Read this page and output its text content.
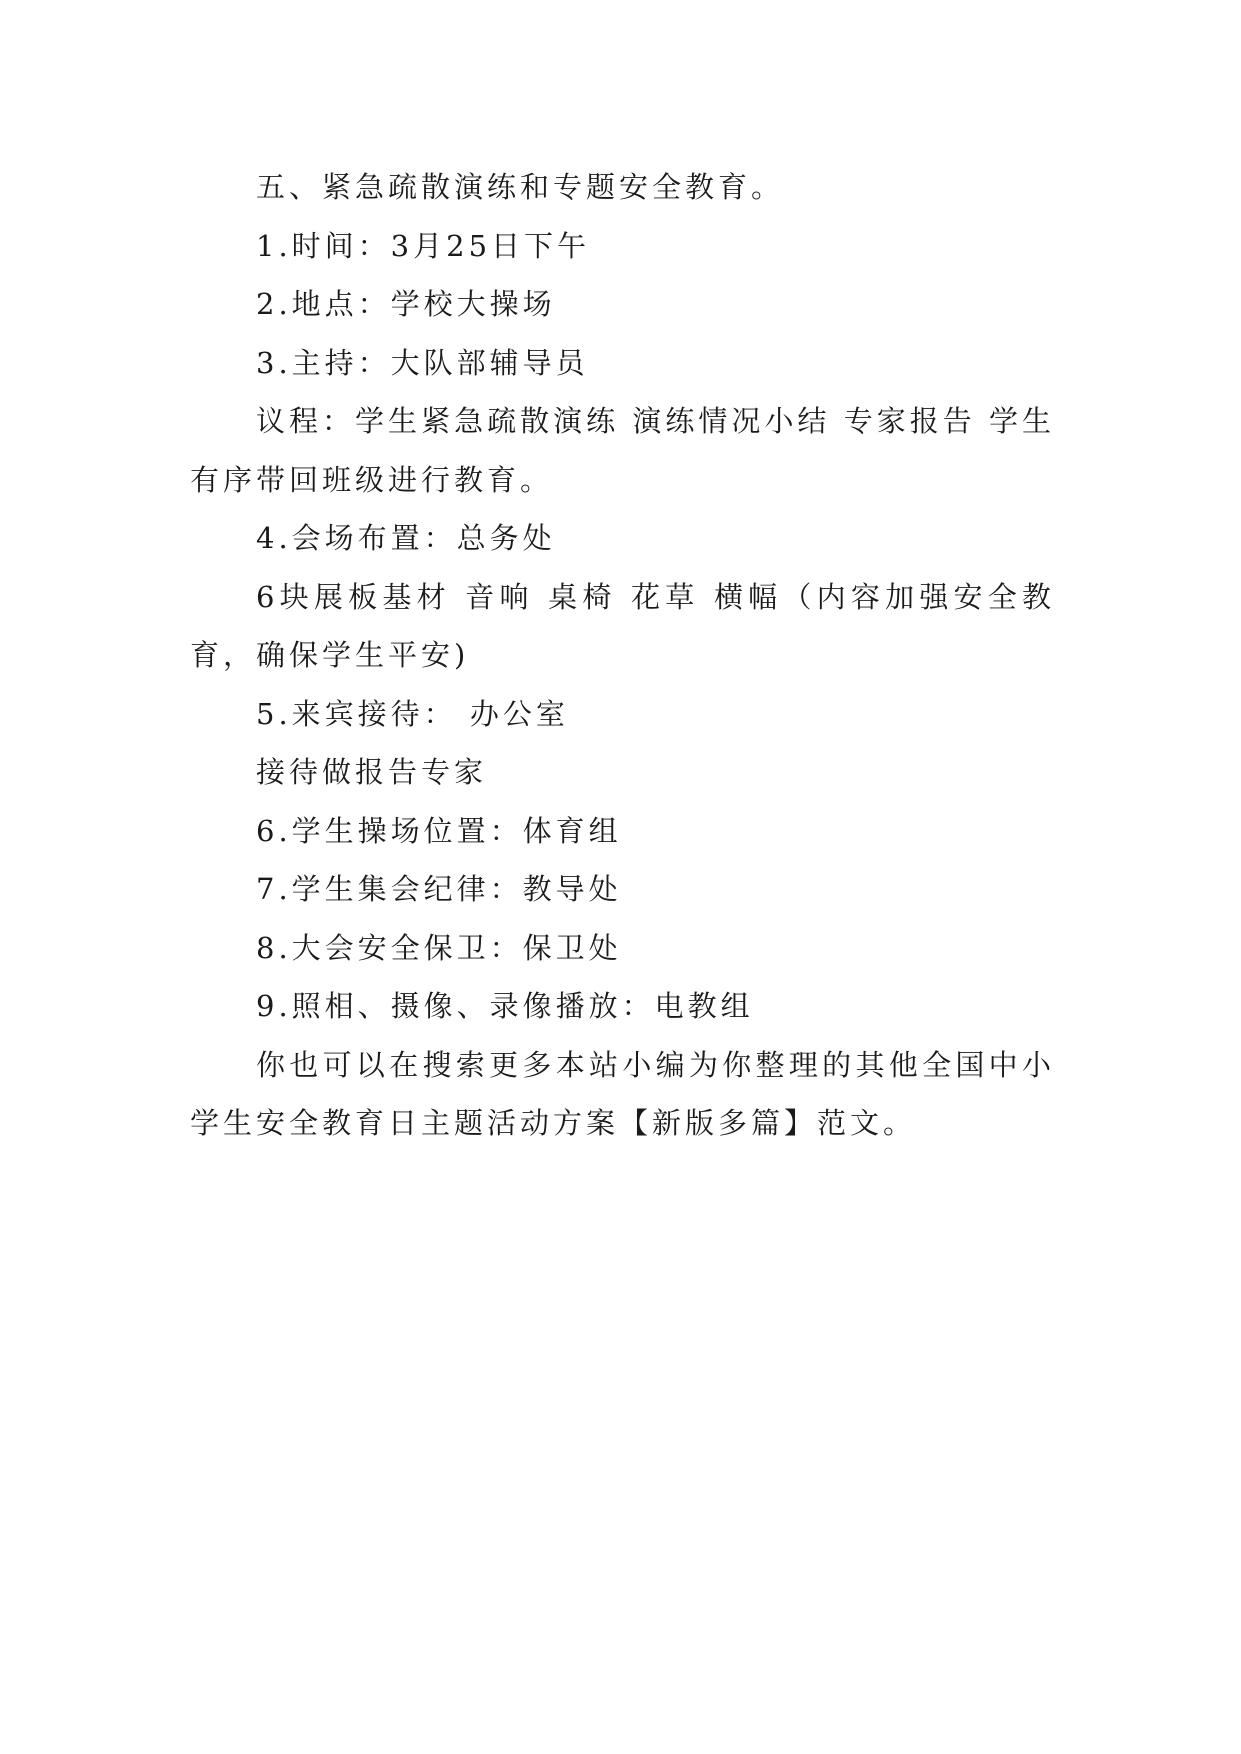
五、紧急疏散演练和专题安全教育。

1.时间：3月25日下午

2.地点：学校大操场

3.主持：大队部辅导员

议程：学生紧急疏散演练 演练情况小结 专家报告 学生有序带回班级进行教育。

4.会场布置：总务处

6块展板基材 音响 桌椅 花草 横幅（内容加强安全教育，确保学生平安)

5.来宾接待： 办公室

接待做报告专家

6.学生操场位置：体育组

7.学生集会纪律：教导处

8.大会安全保卫：保卫处

9.照相、摄像、录像播放：电教组

你也可以在搜索更多本站小编为你整理的其他全国中小学生安全教育日主题活动方案【新版多篇】范文。
